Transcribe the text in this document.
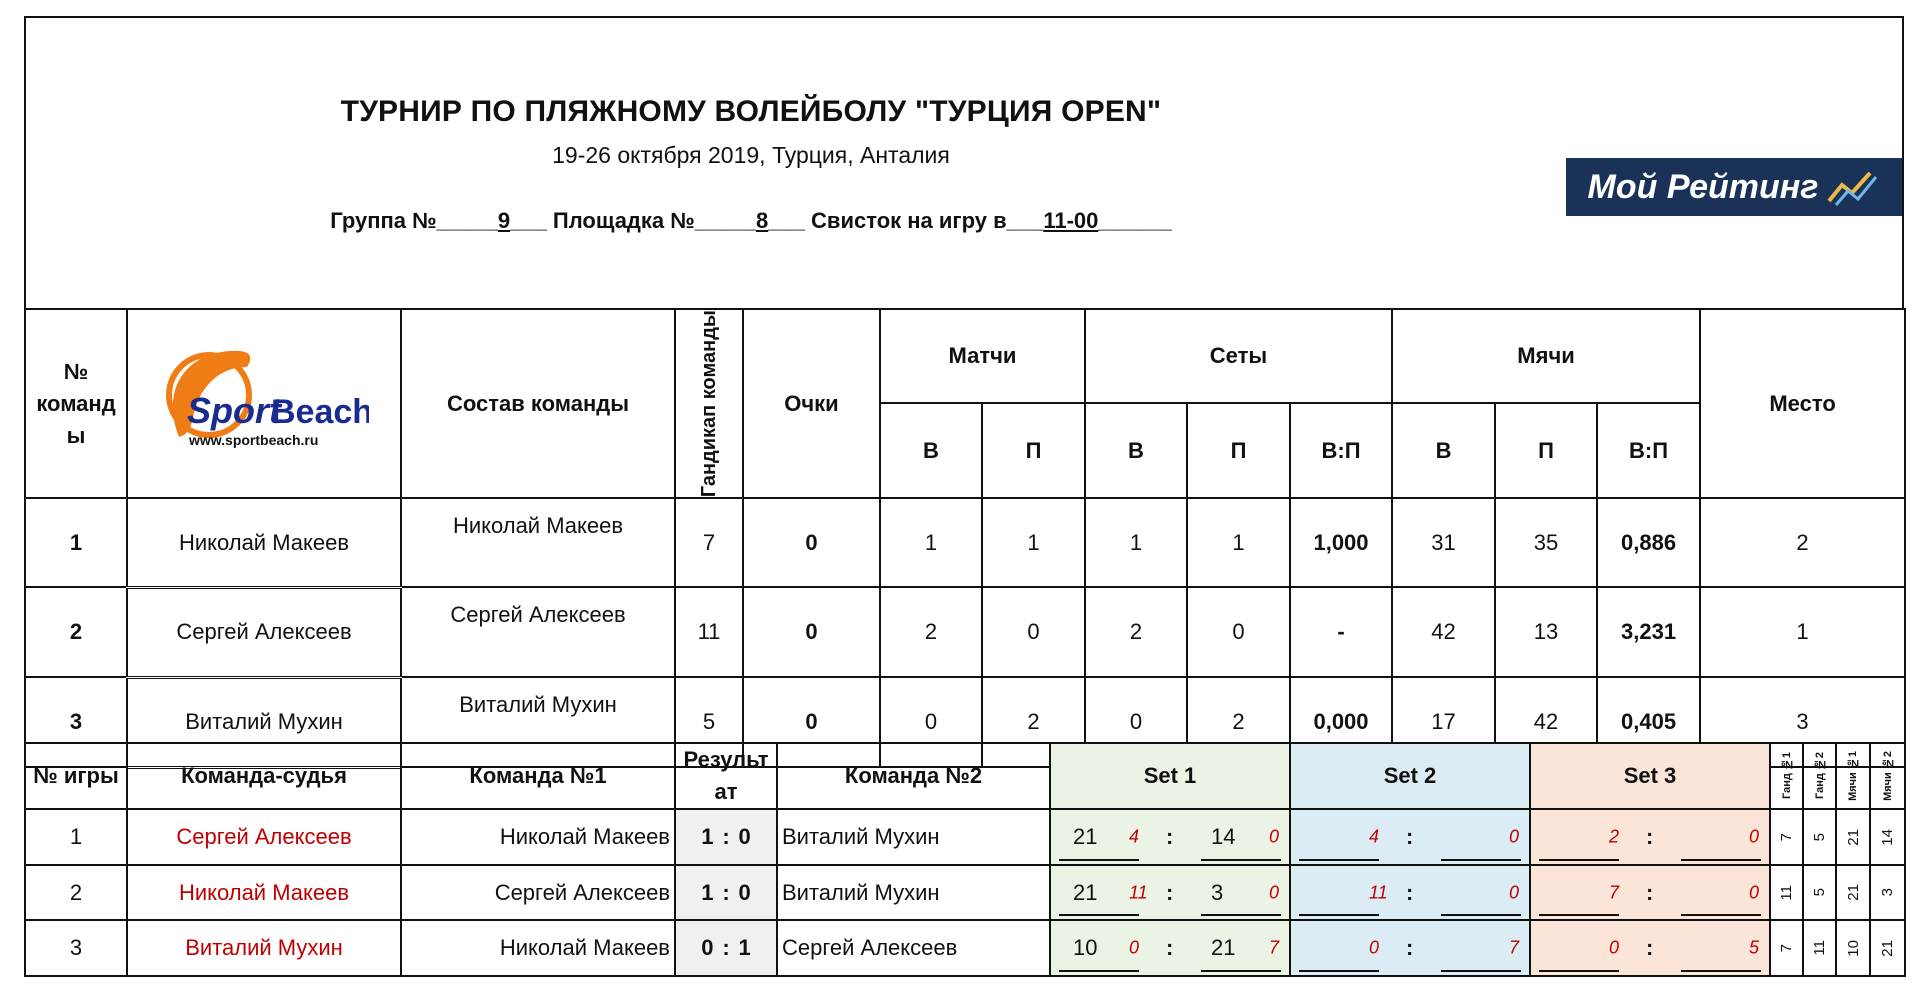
ТУРНИР ПО ПЛЯЖНОМУ ВОЛЕЙБОЛУ "ТУРЦИЯ OPEN"
19-26 октября 2019, Турция, Анталия
Группа №_____9___ Площадка №_____8___ Свисток на игру в___11-00______
Мой Рейтинг
№
команд
ы	Sport
Beach
www.sportbeach.ru	Состав команды	Гандикап команды	Очки	Матчи		Сеты			Мячи			Место
					В	П	В	П	В:П	В	П	В:П	
1	Николай Макеев	Николай Макеев	7	0	1	1	1	1	1,000	31	35	0,886	2
2	Сергей Алексеев	Сергей Алексеев	11	0	2	0	2	0	-	42	13	3,231	1
3	Виталий Мухин	Виталий Мухин	5	0	0	2	0	2	0,000	17	42	0,405	3
№ игры	Команда-судья	Команда №1	Результ
ат	Команда №2	Set 1	Set 2	Set 3	Ганд №1	Ганд №2	Мячи №1	Мячи №2

1	Сергей Алексеев	Николай Макеев	1 : 0	Виталий Мухин	21 4 : 14 0	4 : 0	2 : 0	7	5	21	14

2	Николай Макеев	Сергей Алексеев	1 : 0	Виталий Мухин	21 11 : 3 0	11 : 0	7 : 0	11	5	21	3

3	Виталий Мухин	Николай Макеев	0 : 1	Сергей Алексеев	10 0 : 21 7	0 : 7	0 : 5	7	11	10	21
